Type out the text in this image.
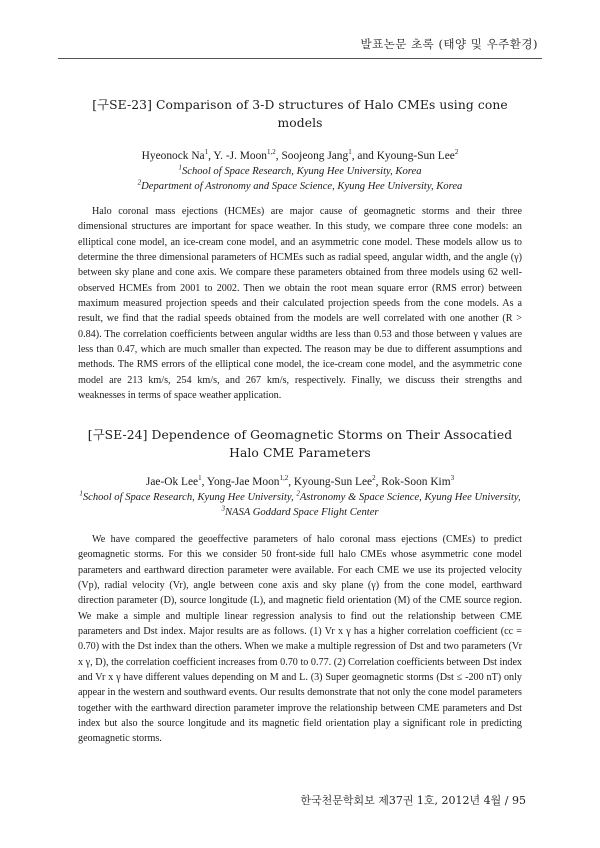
발표논문 초록 (태양 및 우주환경)

[구SE-23] Comparison of 3-D structures of Halo CMEs using cone models

Hyeonock Na$^1$, Y. -J. Moon$^{1,2}$, Soojeong Jang$^1$, and Kyoung-Sun Lee$^2$
$^1$School of Space Research, Kyung Hee University, Korea
$^2$Department of Astronomy and Space Science, Kyung Hee University, Korea
Halo coronal mass ejections (HCMEs) are major cause of geomagnetic storms and their three dimensional structures are important for space weather. In this study, we compare three cone models: an elliptical cone model, an ice-cream cone model, and an asymmetric cone model. These models allow us to determine the three dimensional parameters of HCMEs such as radial speed, angular width, and the angle (γ) between sky plane and cone axis. We compare these parameters obtained from three models using 62 well-observed HCMEs from 2001 to 2002. Then we obtain the root mean square error (RMS error) between maximum measured projection speeds and their calculated projection speeds from the cone models. As a result, we find that the radial speeds obtained from the models are well correlated with one another (R > 0.84). The correlation coefficients between angular widths are less than 0.53 and those between γ values are less than 0.47, which are much smaller than expected. The reason may be due to different assumptions and methods. The RMS errors of the elliptical cone model, the ice-cream cone model, and the asymmetric cone model are 213 km/s, 254 km/s, and 267 km/s, respectively. Finally, we discuss their strengths and weaknesses in terms of space weather application.

[구SE-24] Dependence of Geomagnetic Storms on Their Assocatied Halo CME Parameters

Jae-Ok Lee$^1$, Yong-Jae Moon$^{1,2}$, Kyoung-Sun Lee$^2$, Rok-Soon Kim$^3$
$^1$School of Space Research, Kyung Hee University, $^2$Astronomy & Space Science, Kyung Hee University, $^3$NASA Goddard Space Flight Center
We have compared the geoeffective parameters of halo coronal mass ejections (CMEs) to predict geomagnetic storms. For this we consider 50 front-side full halo CMEs whose asymmetric cone model parameters and earthward direction parameter were available. For each CME we use its projected velocity (Vp), radial velocity (Vr), angle between cone axis and sky plane (γ) from the cone model, earthward direction parameter (D), source longitude (L), and magnetic field orientation (M) of the CME source region. We make a simple and multiple linear regression analysis to find out the relationship between CME parameters and Dst index. Major results are as follows. (1) Vr x γ has a higher correlation coefficient (cc = 0.70) with the Dst index than the others. When we make a multiple regression of Dst and two parameters (Vr x γ, D), the correlation coefficient increases from 0.70 to 0.77. (2) Correlation coefficients between Dst index and Vr x γ have different values depending on M and L. (3) Super geomagnetic storms (Dst ≤ -200 nT) only appear in the western and southward events. Our results demonstrate that not only the cone model parameters together with the earthward direction parameter improve the relationship between CME parameters and Dst index but also the source longitude and its magnetic field orientation play a significant role in predicting geomagnetic storms.
한국천문학회보 제37권 1호, 2012년 4월 / 95
